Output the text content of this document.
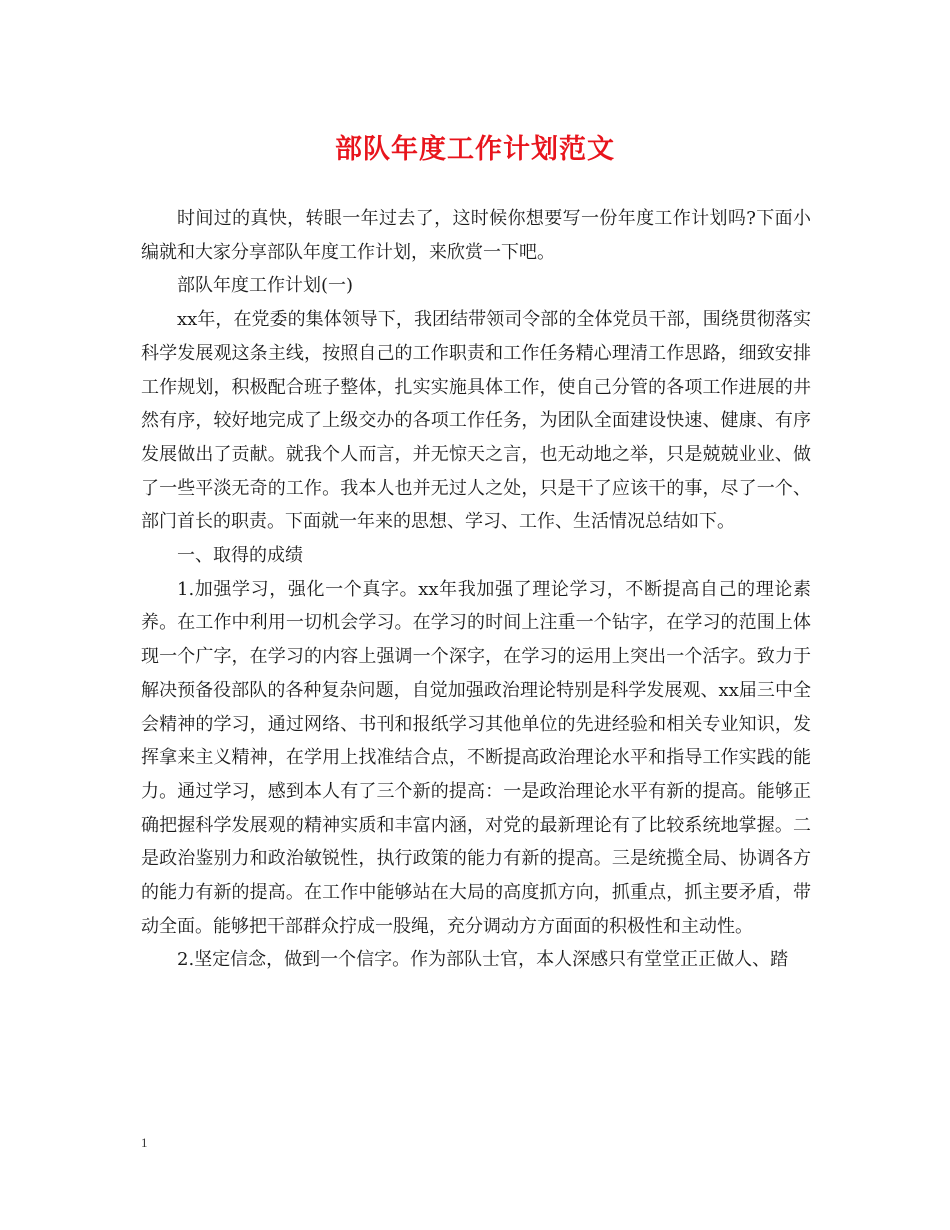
部队年度工作计划范文

时间过的真快，转眼一年过去了，这时候你想要写一份年度工作计划吗?下面小编就和大家分享部队年度工作计划，来欣赏一下吧。

部队年度工作计划(一)

xx年，在党委的集体领导下，我团结带领司令部的全体党员干部，围绕贯彻落实科学发展观这条主线，按照自己的工作职责和工作任务精心理清工作思路，细致安排工作规划，积极配合班子整体，扎实实施具体工作，使自己分管的各项工作进展的井然有序，较好地完成了上级交办的各项工作任务，为团队全面建设快速、健康、有序发展做出了贡献。就我个人而言，并无惊天之言，也无动地之举，只是兢兢业业、做了一些平淡无奇的工作。我本人也并无过人之处，只是干了应该干的事，尽了一个、部门首长的职责。下面就一年来的思想、学习、工作、生活情况总结如下。

一、取得的成绩

1.加强学习，强化一个真字。xx年我加强了理论学习，不断提高自己的理论素养。在工作中利用一切机会学习。在学习的时间上注重一个钻字，在学习的范围上体现一个广字，在学习的内容上强调一个深字，在学习的运用上突出一个活字。致力于解决预备役部队的各种复杂问题，自觉加强政治理论特别是科学发展观、xx届三中全会精神的学习，通过网络、书刊和报纸学习其他单位的先进经验和相关专业知识，发挥拿来主义精神，在学用上找准结合点，不断提高政治理论水平和指导工作实践的能力。通过学习，感到本人有了三个新的提高：一是政治理论水平有新的提高。能够正确把握科学发展观的精神实质和丰富内涵，对党的最新理论有了比较系统地掌握。二是政治鉴别力和政治敏锐性，执行政策的能力有新的提高。三是统揽全局、协调各方的能力有新的提高。在工作中能够站在大局的高度抓方向，抓重点，抓主要矛盾，带动全面。能够把干部群众拧成一股绳，充分调动方方面面的积极性和主动性。

2.坚定信念，做到一个信字。作为部队士官，本人深感只有堂堂正正做人、踏

1
